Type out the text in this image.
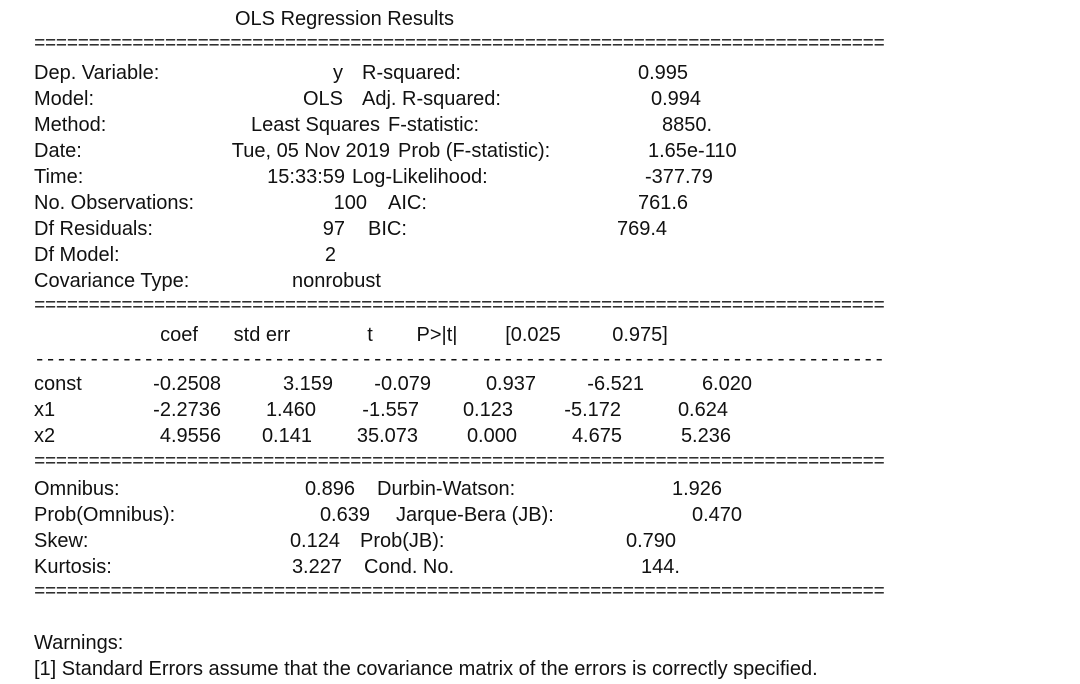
OLS Regression Results
==============================================================================
Dep. Variable:	y R-squared:	0.995
Model:	OLS Adj. R-squared:	0.994
Method:	Least Squares F-statistic:	8850.
Date:	Tue, 05 Nov 2019 Prob (F-statistic):	1.65e-110
Time:	15:33:59 Log-Likelihood:	-377.79
No. Observations:	100 AIC:	761.6
Df Residuals:	97 BIC:	769.4
Df Model:	2
Covariance Type:	nonrobust
==============================================================================
coef std err	t P>|t| [0.025	0.975]
------------------------------------------------------------------------------
const	-0.2508	3.159 -0.079	0.937	-6.521	6.020
x1	-2.2736 1.460 -1.557 0.123	-5.172	0.624
x2	4.9556 0.141 35.073 0.000	4.675	5.236
==============================================================================
Omnibus:	0.896 Durbin-Watson:	1.926
Prob(Omnibus):	0.639 Jarque-Bera (JB):	0.470
Skew:	0.124 Prob(JB):	0.790
Kurtosis:	3.227 Cond. No.	144.
==============================================================================
Warnings:
[1] Standard Errors assume that the covariance matrix of the errors is correctly specified.
